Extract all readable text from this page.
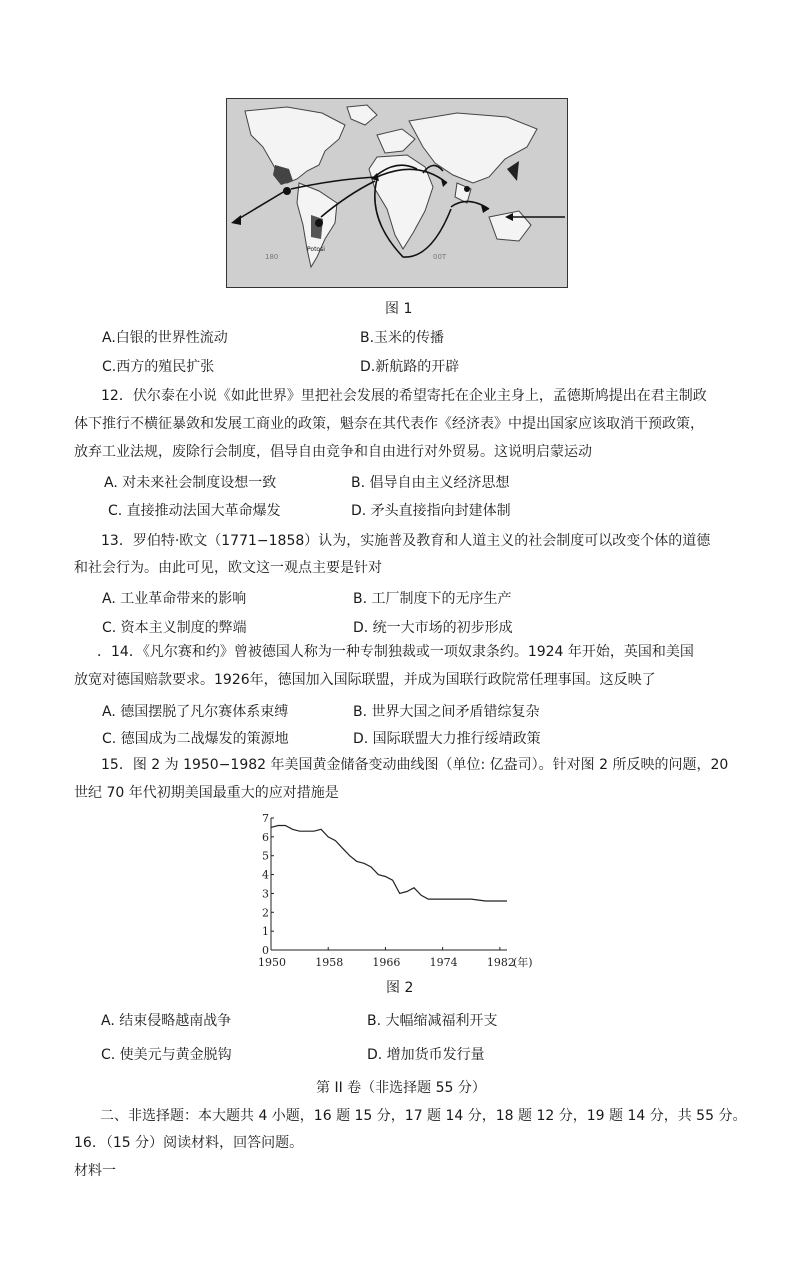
Potosi
180	00T
图 1
A.白银的世界性流动	B.玉米的传播
C.西方的殖民扩张	D.新航路的开辟
12．伏尔泰在小说《如此世界》里把社会发展的希望寄托在企业主身上，孟德斯鸠提出在君主制政
体下推行不横征暴敛和发展工商业的政策，魁奈在其代表作《经济表》中提出国家应该取消干预政策，
放弃工业法规，废除行会制度，倡导自由竞争和自由进行对外贸易。这说明启蒙运动
A. 对未来社会制度设想一致	B. 倡导自由主义经济思想
C. 直接推动法国大革命爆发	D. 矛头直接指向封建体制
13．罗伯特·欧文（1771−1858）认为，实施普及教育和人道主义的社会制度可以改变个体的道德
和社会行为。由此可见，欧文这一观点主要是针对
A. 工业革命带来的影响	B. 工厂制度下的无序生产
C. 资本主义制度的弊端	D. 统一大市场的初步形成
．14．《凡尔赛和约》曾被德国人称为一种专制独裁或一项奴隶条约。1924 年开始，英国和美国
放宽对德国赔款要求。1926年，德国加入国际联盟，并成为国联行政院常任理事国。这反映了
A. 德国摆脱了凡尔赛体系束缚	B. 世界大国之间矛盾错综复杂
C. 德国成为二战爆发的策源地	D. 国际联盟大力推行绥靖政策
15．图 2 为 1950−1982 年美国黄金储备变动曲线图（单位: 亿盎司）。针对图 2 所反映的问题，20
世纪 70 年代初期美国最重大的应对措施是
0
1
2
3
4
5
6
7
1950	1958	1966	1974	1982
(年)
图 2
A. 结束侵略越南战争	B. 大幅缩减福利开支
C. 使美元与黄金脱钩	D. 增加货币发行量
第 II 卷（非选择题 55 分）
二、非选择题：本大题共 4 小题，16 题 15 分，17 题 14 分，18 题 12 分，19 题 14 分，共 55 分。
16．（15 分）阅读材料，回答问题。
材料一
